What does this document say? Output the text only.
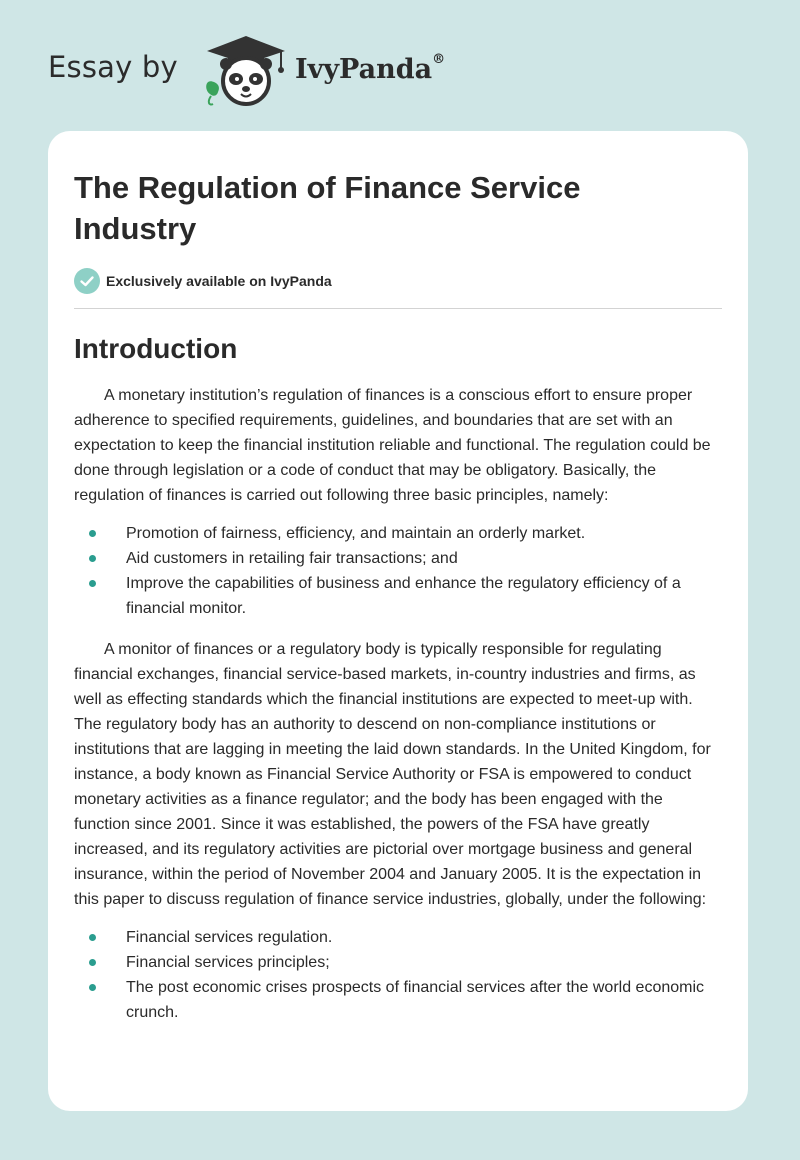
Essay by	IvyPanda®
The Regulation of Finance Service Industry
Exclusively available on IvyPanda
Introduction

A monetary institution’s regulation of finances is a conscious effort to ensure proper adherence to specified requirements, guidelines, and boundaries that are set with an expectation to keep the financial institution reliable and functional. The regulation could be done through legislation or a code of conduct that may be obligatory. Basically, the regulation of finances is carried out following three basic principles, namely:

Promotion of fairness, efficiency, and maintain an orderly market.
Aid customers in retailing fair transactions; and
Improve the capabilities of business and enhance the regulatory efficiency of a financial monitor.

A monitor of finances or a regulatory body is typically responsible for regulating financial exchanges, financial service-based markets, in-country industries and firms, as well as effecting standards which the financial institutions are expected to meet-up with. The regulatory body has an authority to descend on non-compliance institutions or institutions that are lagging in meeting the laid down standards. In the United Kingdom, for instance, a body known as Financial Service Authority or FSA is empowered to conduct monetary activities as a finance regulator; and the body has been engaged with the function since 2001. Since it was established, the powers of the FSA have greatly increased, and its regulatory activities are pictorial over mortgage business and general insurance, within the period of November 2004 and January 2005. It is the expectation in this paper to discuss regulation of finance service industries, globally, under the following:

Financial services regulation.
Financial services principles;
The post economic crises prospects of financial services after the world economic crunch.
